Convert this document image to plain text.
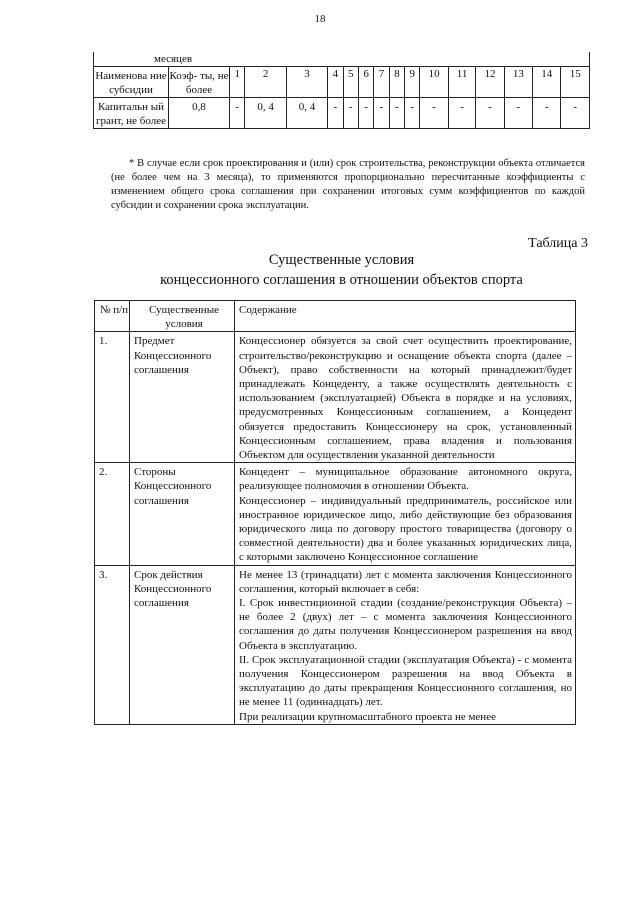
18
месяцев																
Наименова ние субсидии	Коэф- ты, не более	1	2	3	4	5	6	7	8	9	10	11	12	13	14	15
Капитальн ый грант, не более	0,8	-	0, 4	0, 4	-	-	-	-	-	-	-	-	-	-	-	-

* В случае если срок проектирования и (или) срок строительства, реконструкции объекта отличается (не более чем на 3 месяца), то применяются пропорционально пересчитанные коэффициенты с изменением общего срока соглашения при сохранении итоговых сумм коэффициентов по каждой субсидии и сохранении срока эксплуатации.

Таблица 3
Существенные условия
концессионного соглашения в отношении объектов спорта
№ п/п	Существенные условия	Содержание
1.	Предмет Концессионного соглашения	Концессионер обязуется за свой счет осуществить проектирование, строительство/реконструкцию и оснащение объекта спорта (далее – Объект), право собственности на который принадлежит/будет принадлежать Концеденту, а также осуществлять деятельность с использованием (эксплуатацией) Объекта в порядке и на условиях, предусмотренных Концессионным соглашением, а Концедент обязуется предоставить Концессионеру на срок, установленный Концессионным соглашением, права владения и пользования Объектом для осуществления указанной деятельности

2.	Стороны Концессионного соглашения	Концедент – муниципальное образование автономного округа, реализующее полномочия в отношении Объекта.

Концессионер – индивидуальный предприниматель, российское или иностранное юридическое лицо, либо действующие без образования юридического лица по договору простого товарищества (договору о совместной деятельности) два и более указанных юридических лица, с которыми заключено Концессионное соглашение

3.	Срок действия Концессионного соглашения	Не менее 13 (тринадцати) лет с момента заключения Концессионного соглашения, который включает в себя:

I. Срок инвестиционной стадии (создание/реконструкция Объекта) – не более 2 (двух) лет – с момента заключения Концессионного соглашения до даты получения Концессионером разрешения на ввод Объекта в эксплуатацию.

II. Срок эксплуатационной стадии (эксплуатация Объекта) - с момента получения Концессионером разрешения на ввод Объекта в эксплуатацию до даты прекращения Концессионного соглашения, но не менее 11 (одиннадцать) лет.

При реализации крупномасштабного проекта не менее
